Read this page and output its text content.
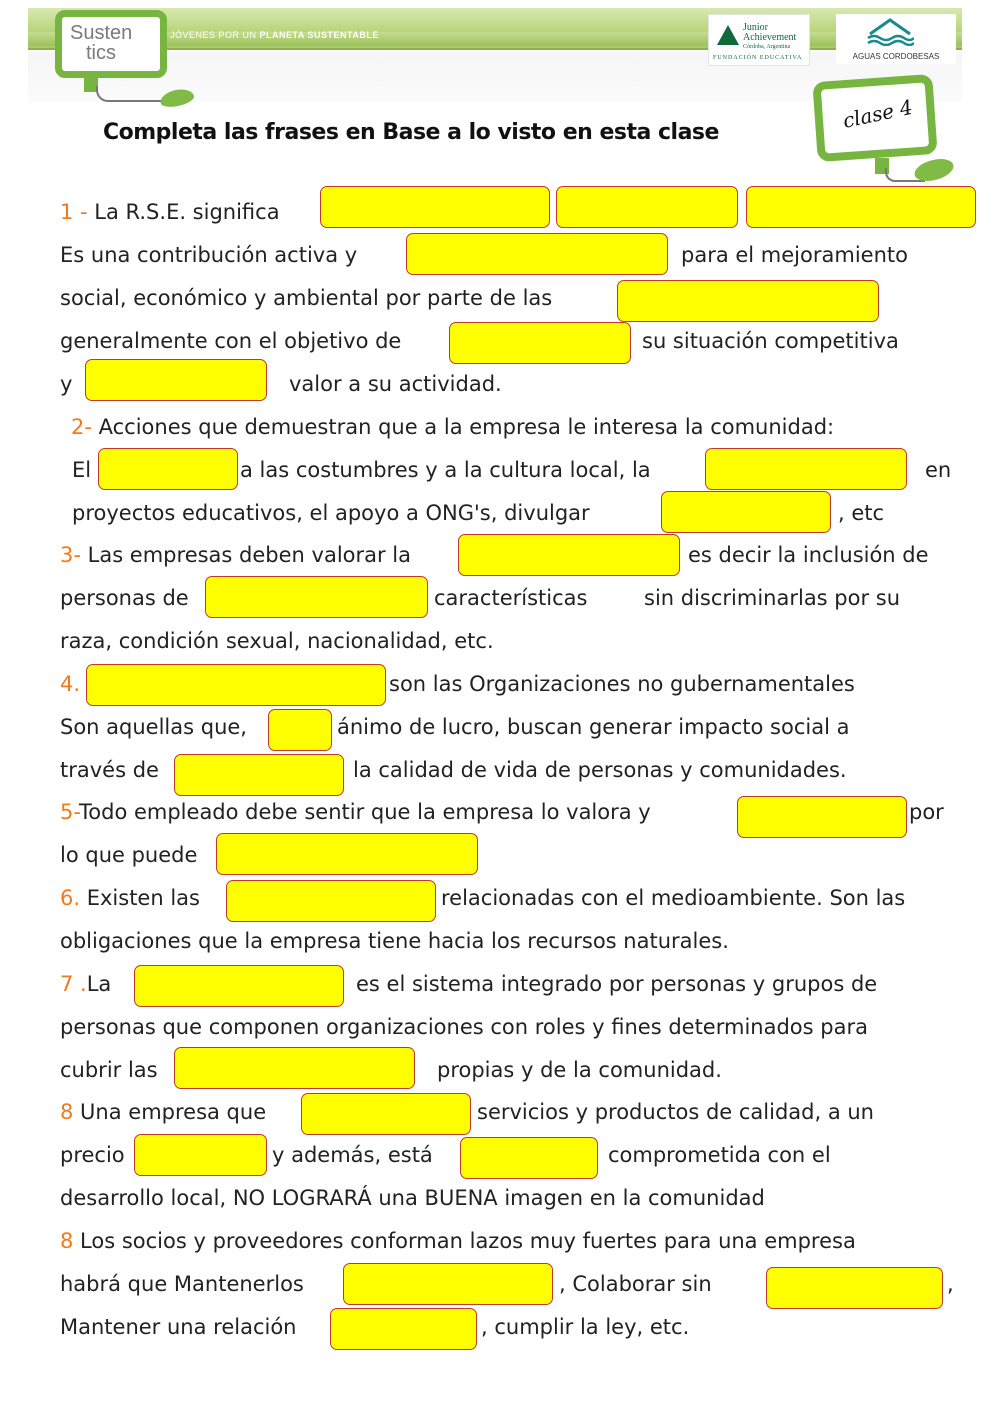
JÓVENES POR UN PLANETA SUSTENTABLE
Susten
tics
Junior
Achievement
Córdoba, Argentina
FUNDACIÓN EDUCATIVA	AGUAS CORDOBESAS
clase 4
Completa las frases en Base a lo visto en esta clase
1 - La R.S.E. significa
Es una contribución activa y	para el mejoramiento
social, económico y ambiental por parte de las
generalmente con el objetivo de	su situación competitiva
y	valor a su actividad.
2- Acciones que demuestran que a la empresa le interesa la comunidad:
El	a las costumbres y a la cultura local, la	en
proyectos educativos, el apoyo a ONG's, divulgar	, etc
3- Las empresas deben valorar la	es decir la inclusión de
personas de	características	sin discriminarlas por su
raza, condición sexual, nacionalidad, etc.
4.	son las Organizaciones no gubernamentales
Son aquellas que,	ánimo de lucro, buscan generar impacto social a
través de	la calidad de vida de personas y comunidades.
5-Todo empleado debe sentir que la empresa lo valora y	por
lo que puede
6. Existen las	relacionadas con el medioambiente. Son las
obligaciones que la empresa tiene hacia los recursos naturales.
7 .La	es el sistema integrado por personas y grupos de
personas que componen organizaciones con roles y fines determinados para
cubrir las	propias y de la comunidad.
8 Una empresa que	servicios y productos de calidad, a un
precio	y además, está	comprometida con el
desarrollo local, NO LOGRARÁ una BUENA imagen en la comunidad
8 Los socios y proveedores conforman lazos muy fuertes para una empresa
habrá que Mantenerlos	, Colaborar sin	,
Mantener una relación	, cumplir la ley, etc.
